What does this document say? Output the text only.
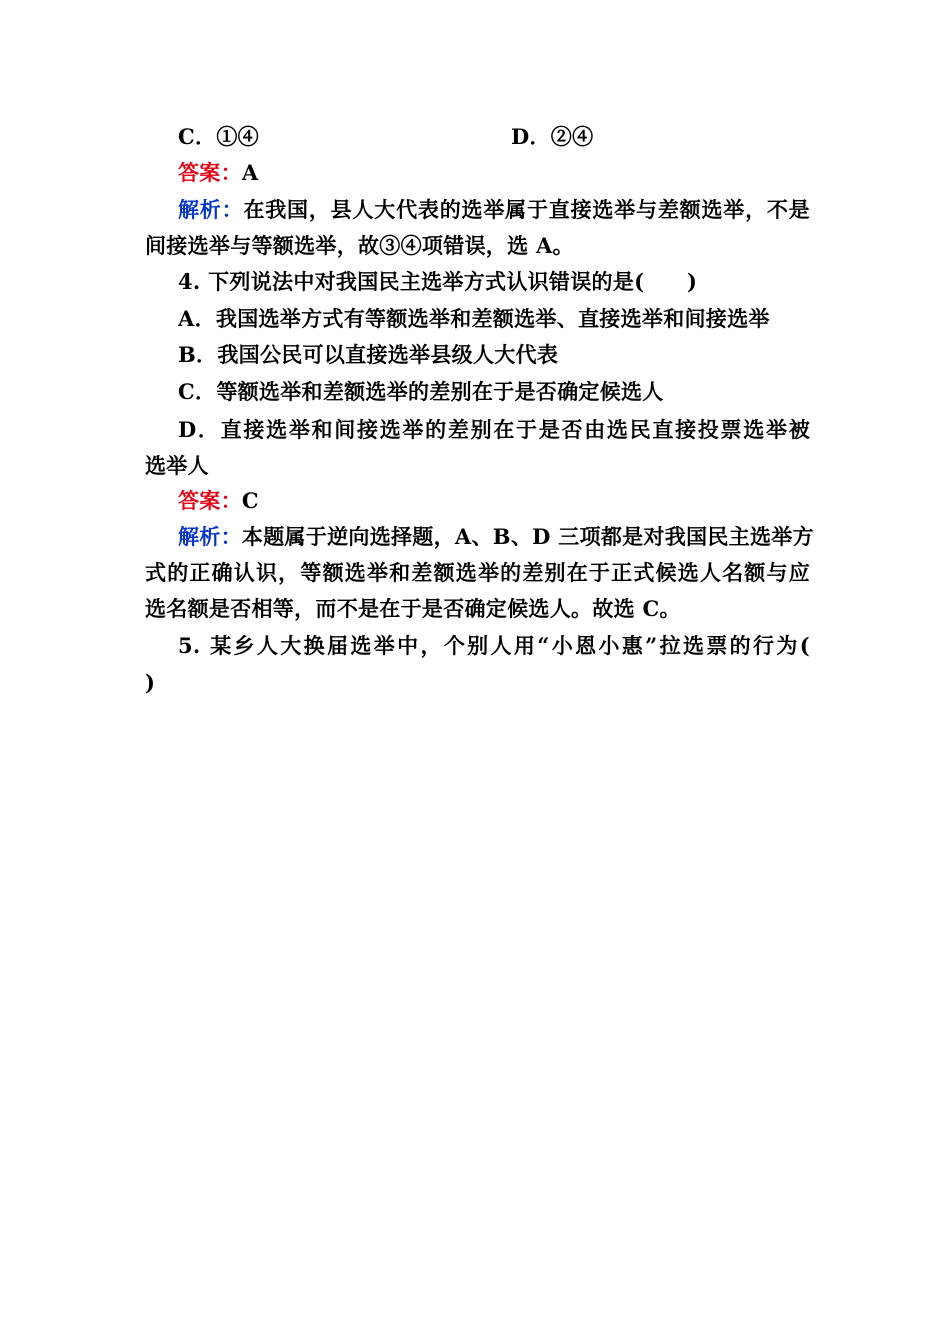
C．①④	D．②④
答案：A
解析：在我国，县人大代表的选举属于直接选举与差额选举，不是
间接选举与等额选举，故③④项错误，选 A。
4. 下列说法中对我国民主选举方式认识错误的是(　　)
A．我国选举方式有等额选举和差额选举、直接选举和间接选举
B．我国公民可以直接选举县级人大代表
C．等额选举和差额选举的差别在于是否确定候选人
D．直接选举和间接选举的差别在于是否由选民直接投票选举被
选举人
答案：C
解析：本题属于逆向选择题，A、B、D 三项都是对我国民主选举方
式的正确认识，等额选举和差额选举的差别在于正式候选人名额与应
选名额是否相等，而不是在于是否确定候选人。故选 C。
5. 某乡人大换届选举中，个别人用“小恩小惠”拉选票的行为(
)
